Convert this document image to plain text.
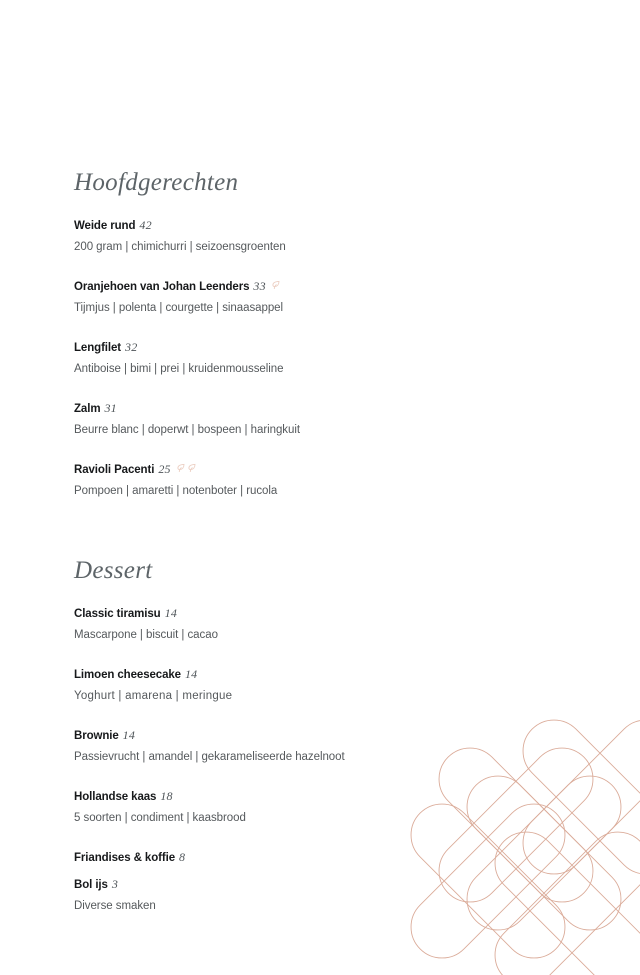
Hoofdgerechten
Weide rund 42
200 gram | chimichurri | seizoensgroenten
Oranjehoen van Johan Leenders 33
Tijmjus | polenta | courgette | sinaasappel
Lengfilet 32
Antiboise | bimi | prei | kruidenmousseline
Zalm 31
Beurre blanc | doperwt | bospeen | haringkuit
Ravioli Pacenti 25
Pompoen | amaretti | notenboter | rucola
Dessert
Classic tiramisu 14
Mascarpone | biscuit | cacao
Limoen cheesecake 14
Yoghurt | amarena | meringue
Brownie 14
Passievrucht | amandel | gekarameliseerde hazelnoot
Hollandse kaas 18
5 soorten | condiment | kaasbrood
Friandises & koffie 8
Bol ijs 3
Diverse smaken
